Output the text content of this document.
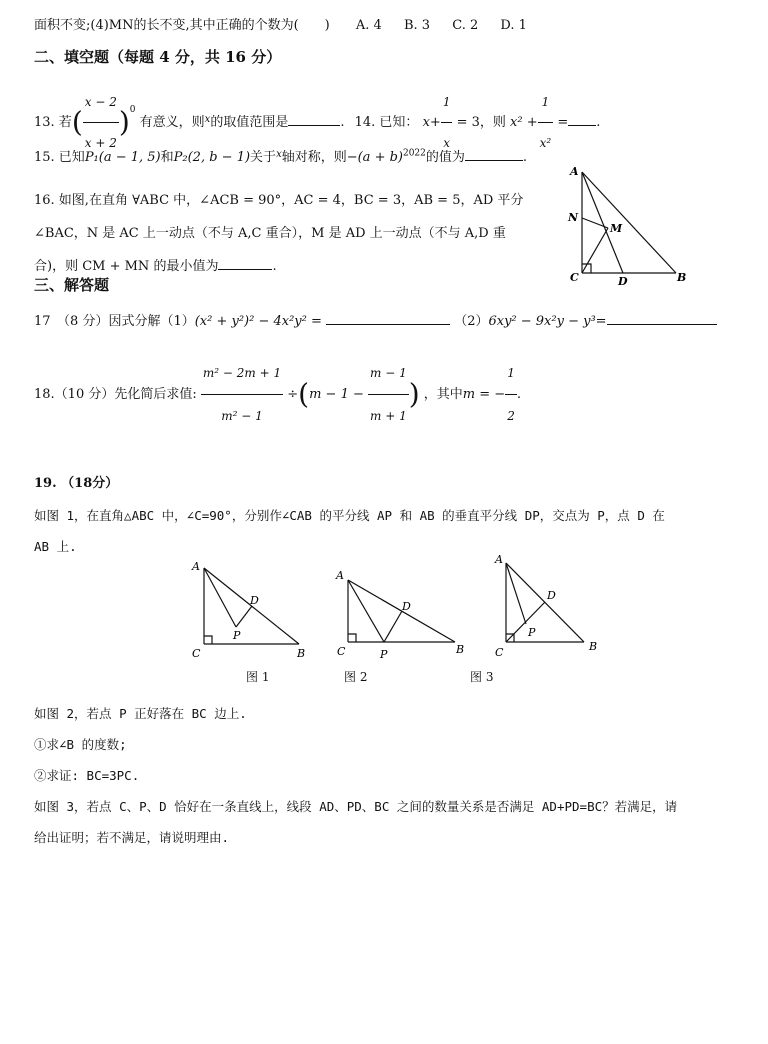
面积不变;(4)MN的长不变,其中正确的个数为(　　) A. 4 B. 3 C. 2 D. 1
二、填空题（每题 4 分，共 16 分）
13. 若( $\frac{x - 2}{x + 2} )^0$ 有意义，则$^x$的取值范围是	. 14. 已知： $x+ \frac{1}{x} = 3$，则 $x^2 + \frac{1}{\text{x²}}$ = .
15. 已知P₁(a − 1, 5)和P₂(2, b − 1)关于$^x$轴对称，则$-(a + b)^{2022}$的值为	.
16. 如图,在直角 ∀ABC 中，∠ACB = 90°，AC = 4，BC = 3，AB = 5，AD 平分
∠BAC，N 是 AC 上一动点（不与 A,C 重合），M 是 AD 上一动点（不与 A,D 重
合)，则 CM + MN 的最小值为	.
A
N
M
C	D	B
三、解答题
17　（8 分）因式分解（1）(x² + y²)² − 4x²y² =	（2）6xy² − 9x²y − y³=
18.（10 分）先化简后求值: $\frac{\text{m² − 2m + 1}}{\text{m² − 1}} \div(m - 1 - \frac{m - 1}{m + 1}$ ) ，其中m = − $\frac{1}{2}$ .
19. （18分）
如图 1，在直角△ABC 中，∠C=90°，分别作∠CAB 的平分线 AP 和 AB 的垂直平分线 DP，交点为 P，点 D 在
AB 上.
A
D
P
C	B
图 1
A
D
P
C	B
图 2
A
D
P
C	B
图 3
如图 2，若点 P 正好落在 BC 边上.
①求∠B 的度数;
②求证: BC=3PC.
如图 3，若点 C、P、D 恰好在一条直线上，线段 AD、PD、BC 之间的数量关系是否满足 AD+PD=BC？若满足，请
给出证明；若不满足，请说明理由.
